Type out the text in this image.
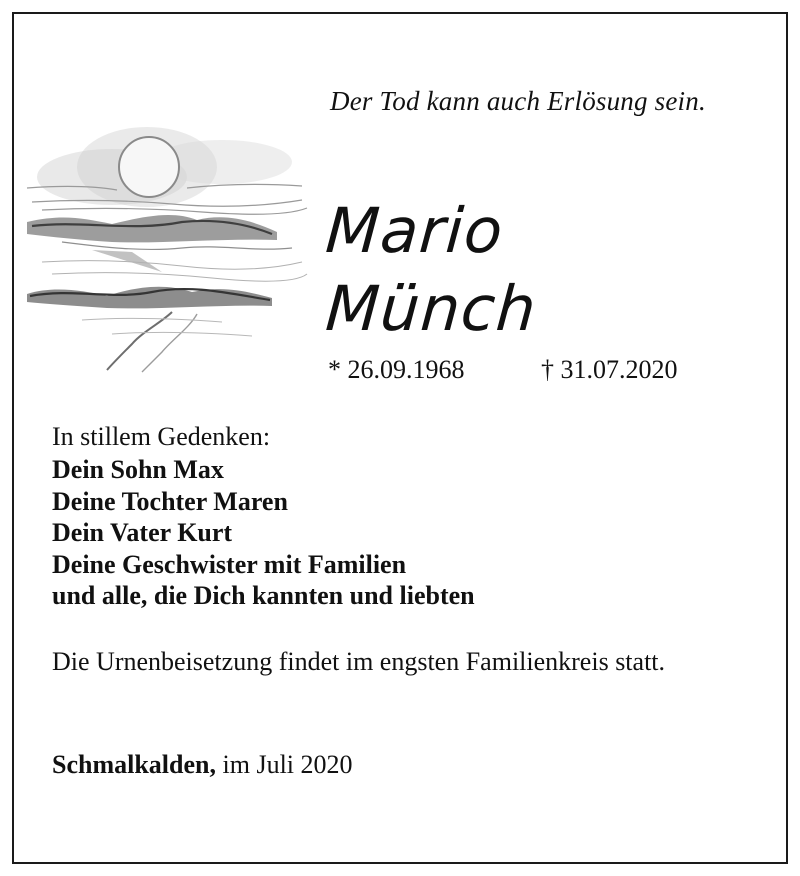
Der Tod kann auch Erlösung sein.
Mario
Münch
* 26.09.1968	† 31.07.2020
In stillem Gedenken:
Dein Sohn Max
Deine Tochter Maren
Dein Vater Kurt
Deine Geschwister mit Familien
und alle, die Dich kannten und liebten
Die Urnenbeisetzung findet im engsten Familienkreis statt.
Schmalkalden, im Juli 2020
